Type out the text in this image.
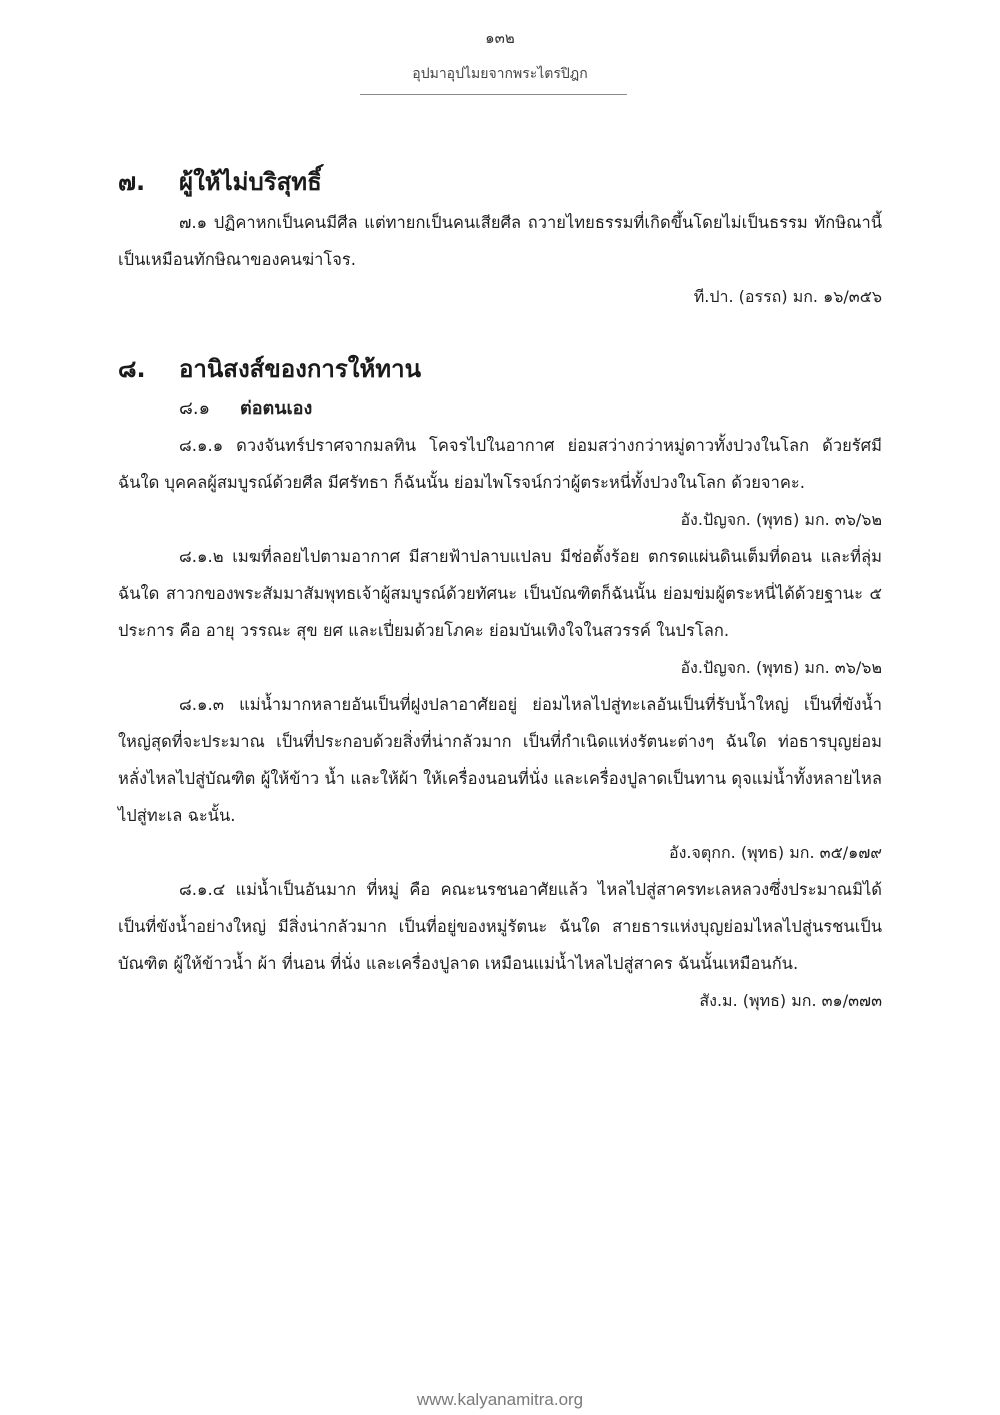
๑๓๒
อุปมาอุปไมยจากพระไตรปิฎก
๗.	ผู้ให้ไม่บริสุทธิ์

๗.๑ ปฏิคาหกเป็นคนมีศีล แต่ทายกเป็นคนเสียศีล ถวายไทยธรรมที่เกิดขึ้นโดยไม่เป็นธรรม ทักษิณานี้เป็นเหมือนทักษิณาของคนฆ่าโจร.

ที.ปา. (อรรถ) มก. ๑๖/๓๕๖

๘.	อานิสงส์ของการให้ทาน
๘.๑	ต่อตนเอง

๘.๑.๑ ดวงจันทร์ปราศจากมลทิน โคจรไปในอากาศ ย่อมสว่างกว่าหมู่ดาวทั้งปวงในโลก ด้วยรัศมี ฉันใด บุคคลผู้สมบูรณ์ด้วยศีล มีศรัทธา ก็ฉันนั้น ย่อมไพโรจน์กว่าผู้ตระหนี่ทั้งปวงในโลก ด้วยจาคะ.

อัง.ปัญจก. (พุทธ) มก. ๓๖/๖๒

๘.๑.๒ เมฆที่ลอยไปตามอากาศ มีสายฟ้าปลาบแปลบ มีช่อตั้งร้อย ตกรดแผ่นดินเต็มที่ดอน และที่ลุ่ม ฉันใด สาวกของพระสัมมาสัมพุทธเจ้าผู้สมบูรณ์ด้วยทัศนะ เป็นบัณฑิตก็ฉันนั้น ย่อมข่มผู้ตระหนี่ได้ด้วยฐานะ ๕ ประการ คือ อายุ วรรณะ สุข ยศ และเปี่ยมด้วยโภคะ ย่อมบันเทิงใจในสวรรค์ ในปรโลก.

อัง.ปัญจก. (พุทธ) มก. ๓๖/๖๒

๘.๑.๓ แม่น้ำมากหลายอันเป็นที่ฝูงปลาอาศัยอยู่ ย่อมไหลไปสู่ทะเลอันเป็นที่รับน้ำใหญ่ เป็นที่ขังน้ำใหญ่สุดที่จะประมาณ เป็นที่ประกอบด้วยสิ่งที่น่ากลัวมาก เป็นที่กำเนิดแห่งรัตนะต่างๆ ฉันใด ท่อธารบุญย่อมหลั่งไหลไปสู่บัณฑิต ผู้ให้ข้าว น้ำ และให้ผ้า ให้เครื่องนอนที่นั่ง และเครื่องปูลาดเป็นทาน ดุจแม่น้ำทั้งหลายไหลไปสู่ทะเล ฉะนั้น.

อัง.จตุกก. (พุทธ) มก. ๓๕/๑๗๙

๘.๑.๔ แม่น้ำเป็นอันมาก ที่หมู่ คือ คณะนรชนอาศัยแล้ว ไหลไปสู่สาครทะเลหลวงซึ่งประมาณมิได้ เป็นที่ขังน้ำอย่างใหญ่ มีสิ่งน่ากลัวมาก เป็นที่อยู่ของหมู่รัตนะ ฉันใด สายธารแห่งบุญย่อมไหลไปสู่นรชนเป็นบัณฑิต ผู้ให้ข้าวน้ำ ผ้า ที่นอน ที่นั่ง และเครื่องปูลาด เหมือนแม่น้ำไหลไปสู่สาคร ฉันนั้นเหมือนกัน.

สัง.ม. (พุทธ) มก. ๓๑/๓๗๓

www.kalyanamitra.org
